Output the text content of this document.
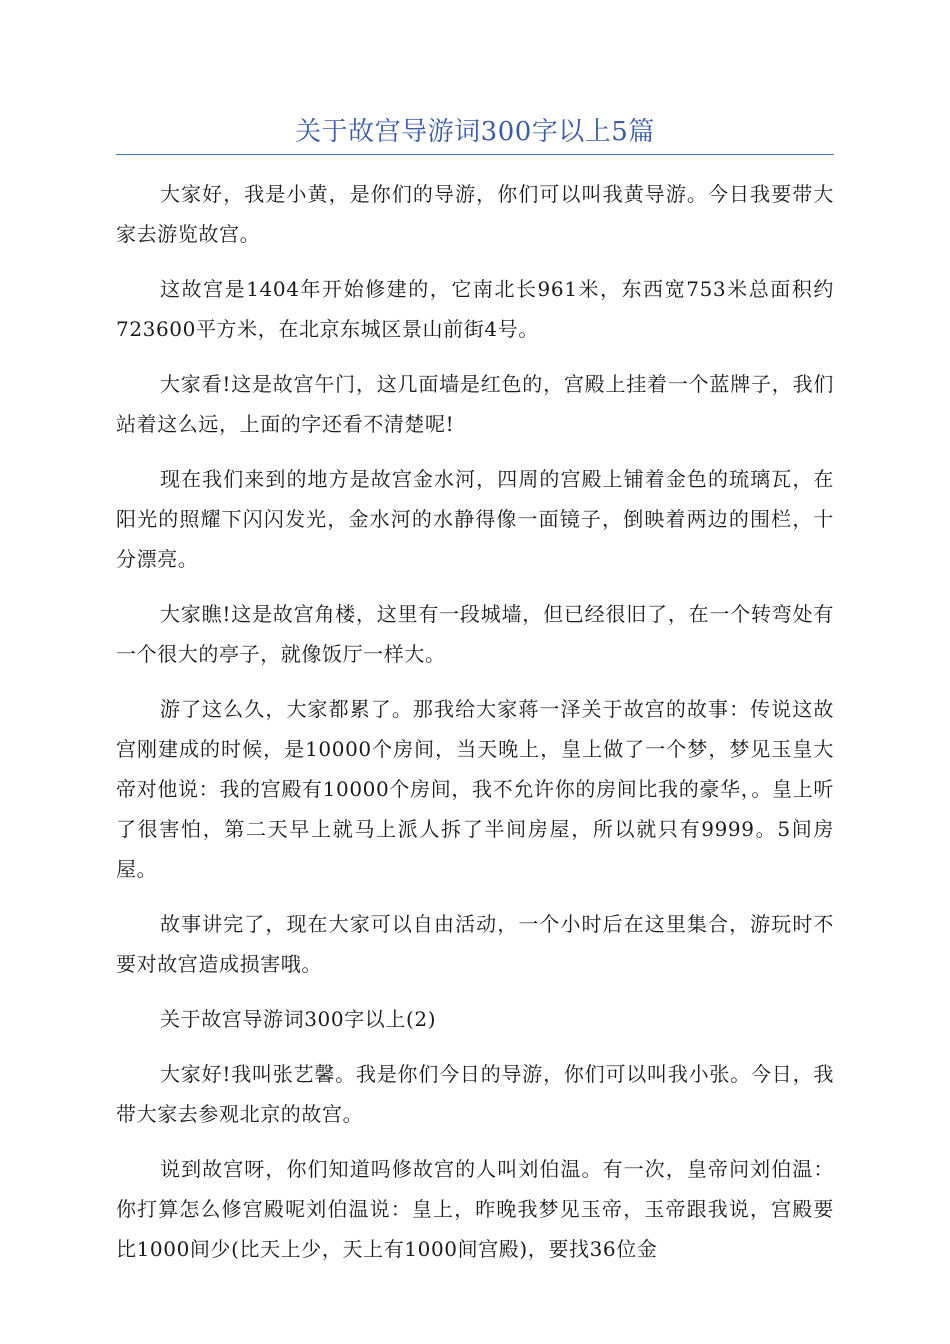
关于故宫导游词300字以上5篇

大家好，我是小黄，是你们的导游，你们可以叫我黄导游。今日我要带大家去游览故宫。

这故宫是1404年开始修建的，它南北长961米，东西宽753米总面积约723600平方米，在北京东城区景山前街4号。

大家看!这是故宫午门，这几面墙是红色的，宫殿上挂着一个蓝牌子，我们站着这么远，上面的字还看不清楚呢!

现在我们来到的地方是故宫金水河，四周的宫殿上铺着金色的琉璃瓦，在阳光的照耀下闪闪发光，金水河的水静得像一面镜子，倒映着两边的围栏，十分漂亮。

大家瞧!这是故宫角楼，这里有一段城墙，但已经很旧了，在一个转弯处有一个很大的亭子，就像饭厅一样大。

游了这么久，大家都累了。那我给大家蒋一泽关于故宫的故事：传说这故宫刚建成的时候，是10000个房间，当天晚上，皇上做了一个梦，梦见玉皇大帝对他说：我的宫殿有10000个房间，我不允许你的房间比我的豪华，。皇上听了很害怕，第二天早上就马上派人拆了半间房屋，所以就只有9999。5间房屋。

故事讲完了，现在大家可以自由活动，一个小时后在这里集合，游玩时不要对故宫造成损害哦。

关于故宫导游词300字以上(2)

大家好!我叫张艺馨。我是你们今日的导游，你们可以叫我小张。今日，我带大家去参观北京的故宫。

说到故宫呀，你们知道吗修故宫的人叫刘伯温。有一次，皇帝问刘伯温：你打算怎么修宫殿呢刘伯温说：皇上，昨晚我梦见玉帝，玉帝跟我说，宫殿要比1000间少(比天上少，天上有1000间宫殿)，要找36位金
